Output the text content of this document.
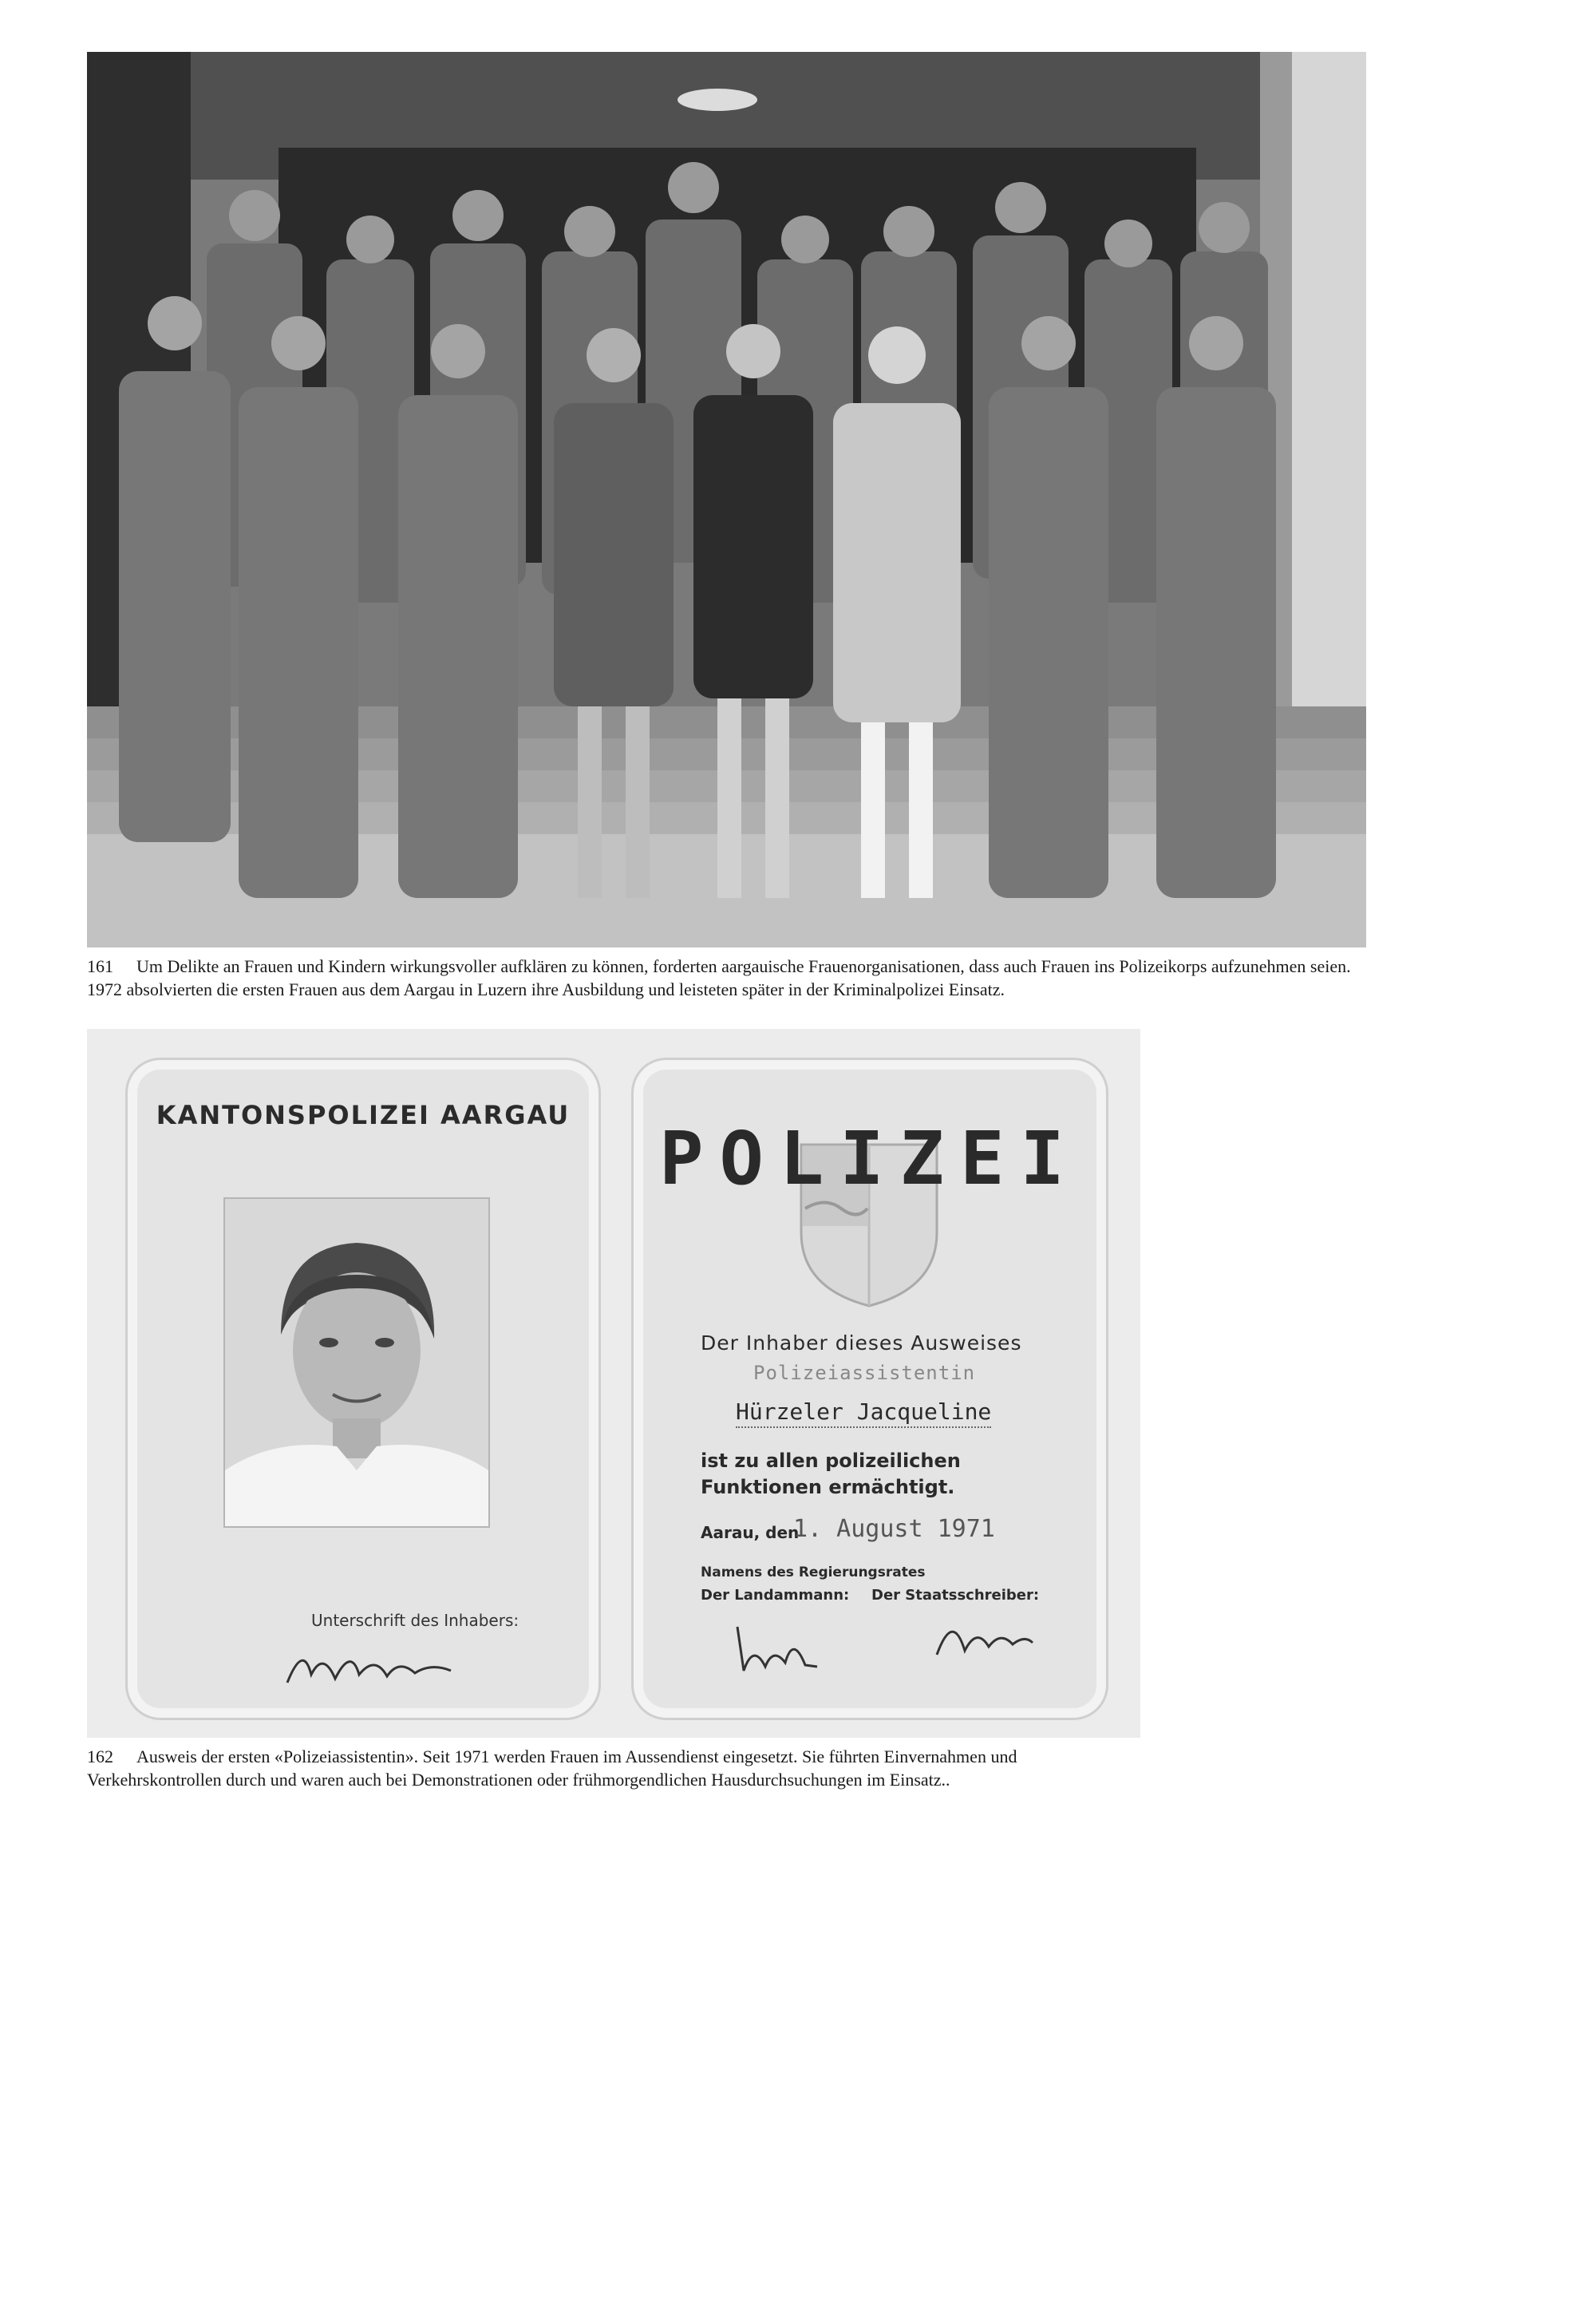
161 Um Delikte an Frauen und Kindern wirkungsvoller aufklären zu können, forderten aargauische Frauenorganisationen, dass auch Frauen ins Polizeikorps aufzunehmen seien. 1972 absolvierten die ersten Frauen aus dem Aargau in Luzern ihre Ausbildung und leisteten später in der Kriminalpolizei Einsatz.
KANTONSPOLIZEI AARGAU
Unterschrift des Inhabers:
POLIZEI
Der Inhaber dieses Ausweises
Polizeiassistentin
Hürzeler Jacqueline
ist zu allen polizeilichen Funktionen ermächtigt.
Aarau, den
1. August 1971
Namens des Regierungsrates
Der Landammann: Der Staatsschreiber:
162 Ausweis der ersten «Polizeiassistentin». Seit 1971 werden Frauen im Aussendienst eingesetzt. Sie führten Einvernahmen und Verkehrskontrollen durch und waren auch bei Demonstrationen oder frühmorgendlichen Hausdurchsuchungen im Einsatz..
